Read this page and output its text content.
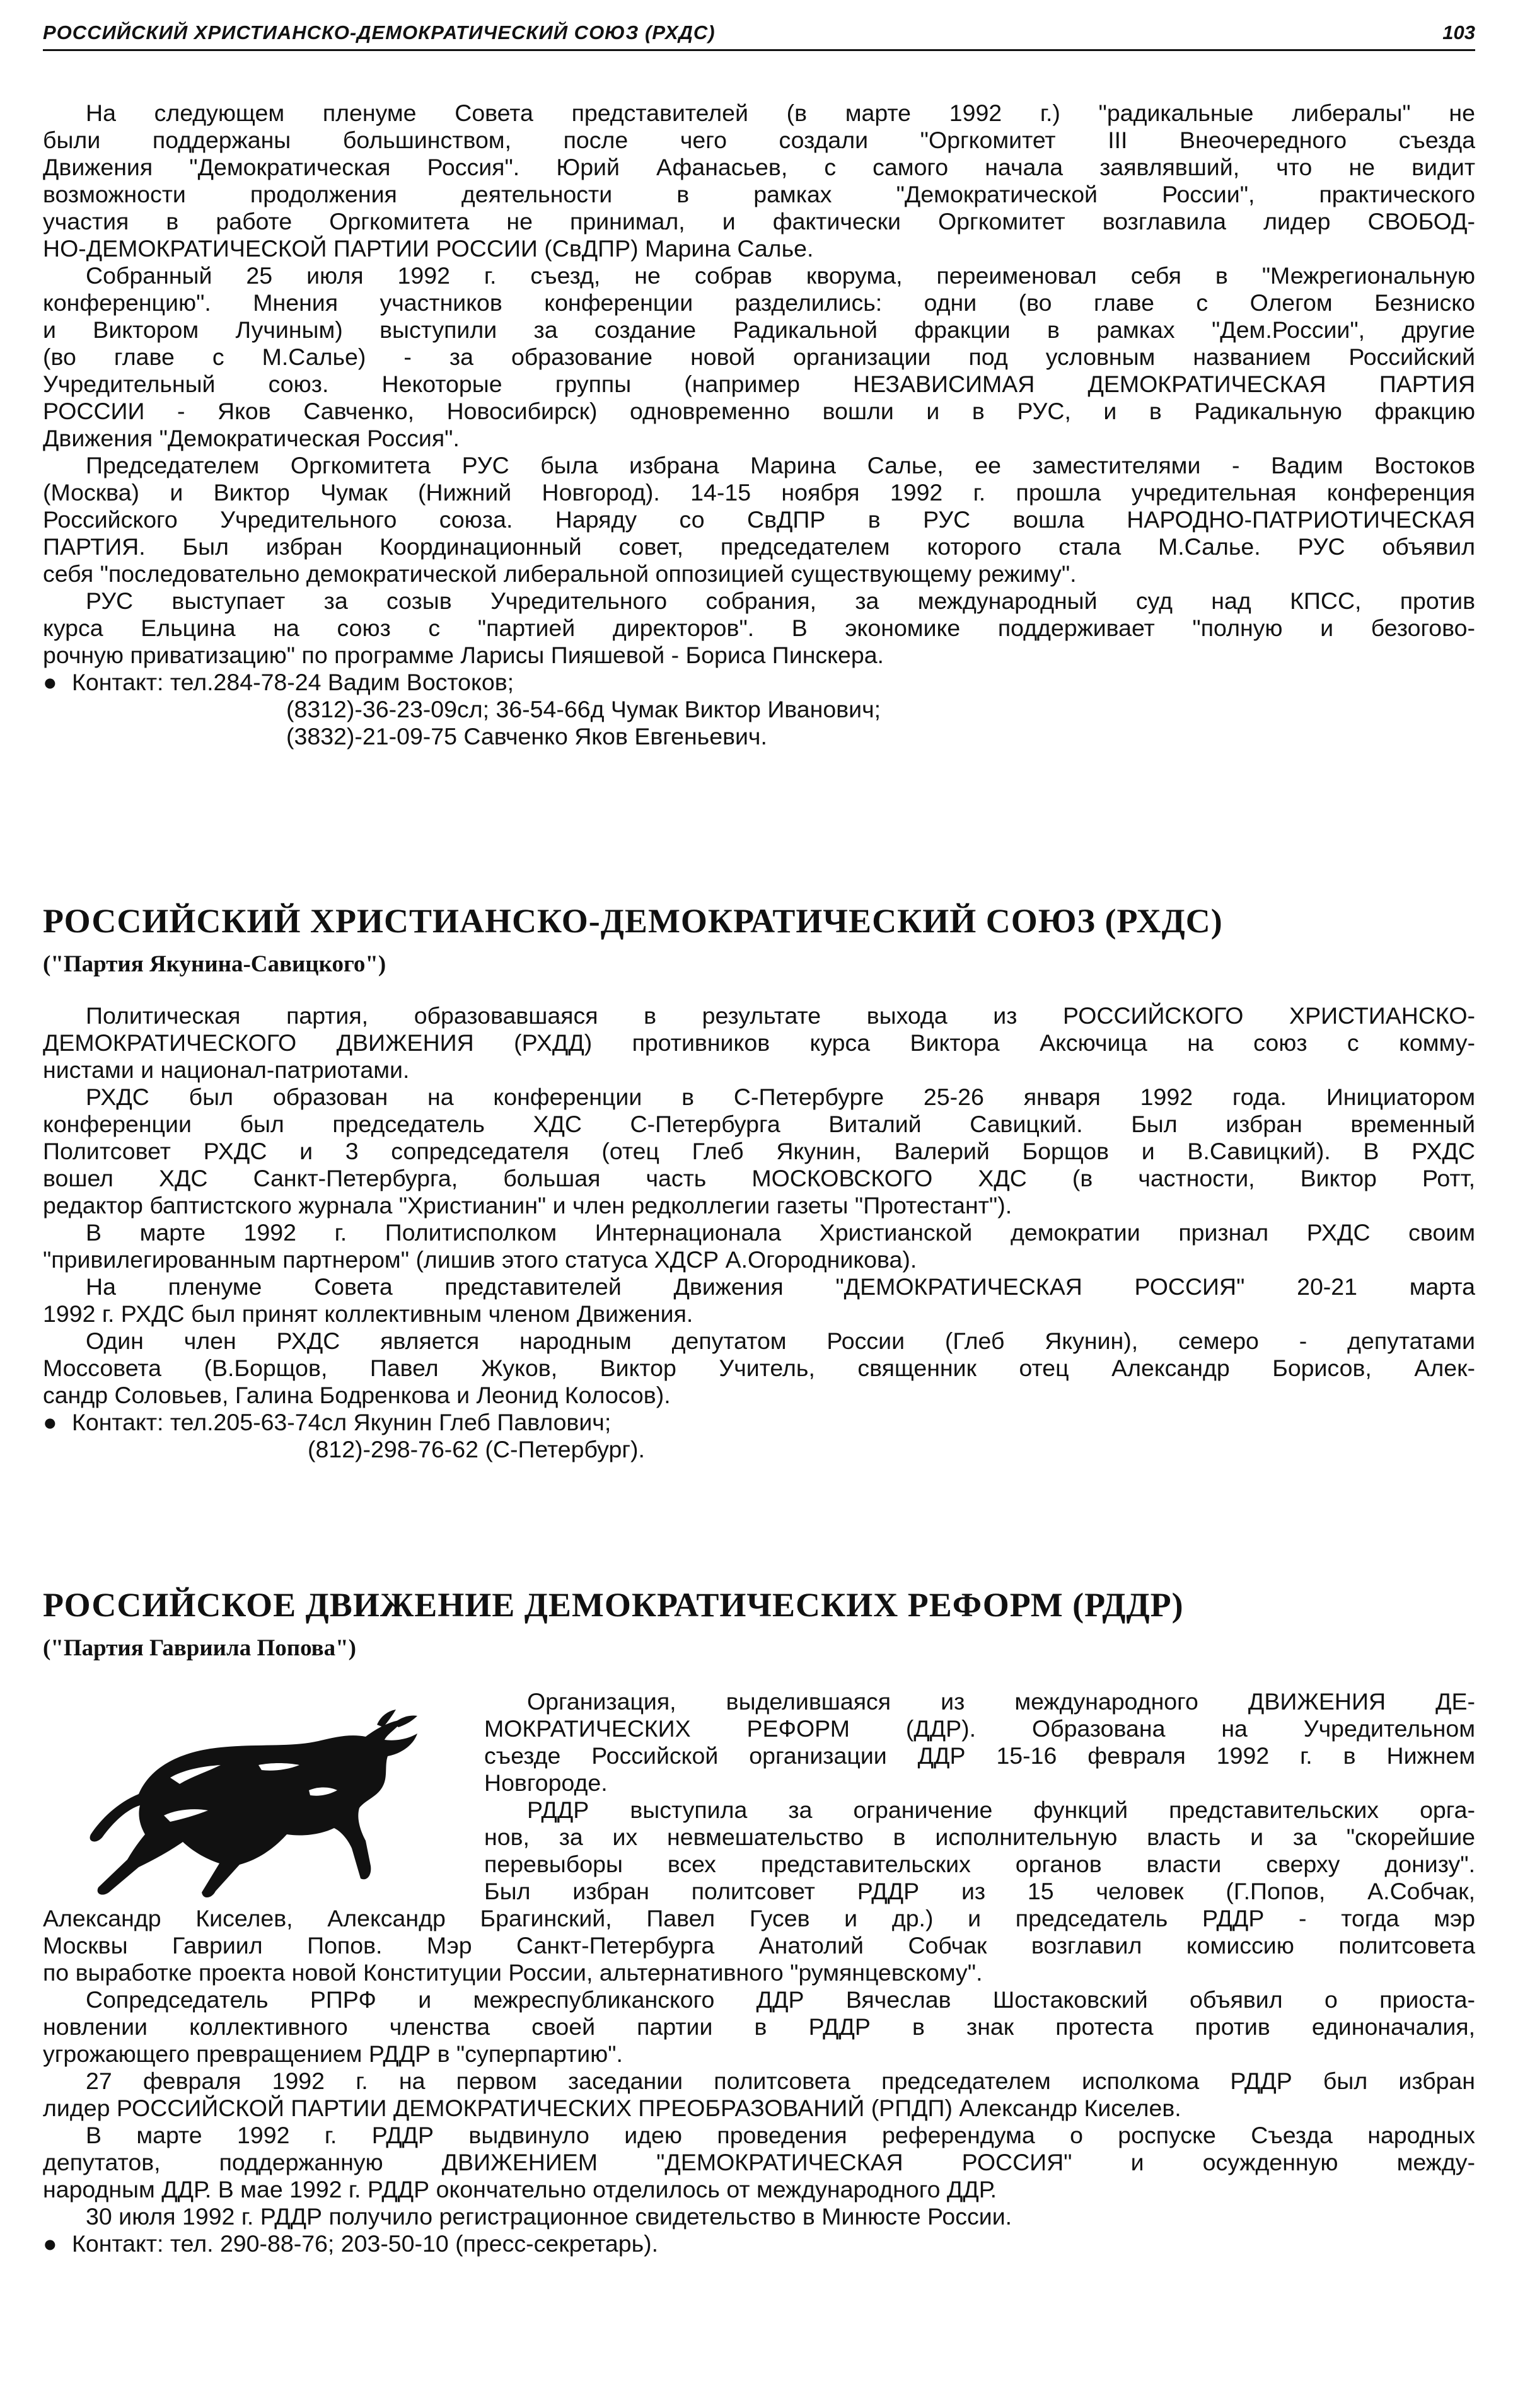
РОССИЙСКИЙ ХРИСТИАНСКО-ДЕМОКРАТИЧЕСКИЙ СОЮЗ (РХДС)	103
На следующем пленуме Совета представителей (в марте 1992 г.) "радикальные либералы" не
были поддержаны большинством, после чего создали "Оргкомитет III Внеочередного съезда
Движения "Демократическая Россия". Юрий Афанасьев, с самого начала заявлявший, что не видит
возможности продолжения деятельности в рамках "Демократической России", практического
участия в работе Оргкомитета не принимал, и фактически Оргкомитет возглавила лидер СВОБОД-
НО-ДЕМОКРАТИЧЕСКОЙ ПАРТИИ РОССИИ (СвДПР) Марина Салье.
Собранный 25 июля 1992 г. съезд, не собрав кворума, переименовал себя в "Межрегиональную
конференцию". Мнения участников конференции разделились: одни (во главе с Олегом Безниско
и Виктором Лучиным) выступили за создание Радикальной фракции в рамках "Дем.России", другие
(во главе с М.Салье) - за образование новой организации под условным названием Российский
Учредительный союз. Некоторые группы (например НЕЗАВИСИМАЯ ДЕМОКРАТИЧЕСКАЯ ПАРТИЯ
РОССИИ - Яков Савченко, Новосибирск) одновременно вошли и в РУС, и в Радикальную фракцию
Движения "Демократическая Россия".
Председателем Оргкомитета РУС была избрана Марина Салье, ее заместителями - Вадим Востоков
(Москва) и Виктор Чумак (Нижний Новгород). 14-15 ноября 1992 г. прошла учредительная конференция
Российского Учредительного союза. Наряду со СвДПР в РУС вошла НАРОДНО-ПАТРИОТИЧЕСКАЯ
ПАРТИЯ. Был избран Координационный совет, председателем которого стала М.Салье. РУС объявил
себя "последовательно демократической либеральной оппозицией существующему режиму".
РУС выступает за созыв Учредительного собрания, за международный суд над КПСС, против
курса Ельцина на союз с "партией директоров". В экономике поддерживает "полную и безогово-
рочную приватизацию" по программе Ларисы Пияшевой - Бориса Пинскера.
● Контакт: тел.284-78-24 Вадим Востоков;
(8312)-36-23-09сл; 36-54-66д Чумак Виктор Иванович;
(3832)-21-09-75 Савченко Яков Евгеньевич.
РОССИЙСКИЙ ХРИСТИАНСКО-ДЕМОКРАТИЧЕСКИЙ СОЮЗ (РХДС)
("Партия Якунина-Савицкого")
Политическая партия, образовавшаяся в результате выхода из РОССИЙСКОГО ХРИСТИАНСКО-
ДЕМОКРАТИЧЕСКОГО ДВИЖЕНИЯ (РХДД) противников курса Виктора Аксючица на союз с комму-
нистами и национал-патриотами.
РХДС был образован на конференции в С-Петербурге 25-26 января 1992 года. Инициатором
конференции был председатель ХДС С-Петербурга Виталий Савицкий. Был избран временный
Политсовет РХДС и 3 сопредседателя (отец Глеб Якунин, Валерий Борщов и В.Савицкий). В РХДС
вошел ХДС Санкт-Петербурга, большая часть МОСКОВСКОГО ХДС (в частности, Виктор Ротт,
редактор баптистского журнала "Христианин" и член редколлегии газеты "Протестант").
В марте 1992 г. Политисполком Интернационала Христианской демократии признал РХДС своим
"привилегированным партнером" (лишив этого статуса ХДСР А.Огородникова).
На пленуме Совета представителей Движения "ДЕМОКРАТИЧЕСКАЯ РОССИЯ" 20-21 марта
1992 г. РХДС был принят коллективным членом Движения.
Один член РХДС является народным депутатом России (Глеб Якунин), семеро - депутатами
Моссовета (В.Борщов, Павел Жуков, Виктор Учитель, священник отец Александр Борисов, Алек-
сандр Соловьев, Галина Бодренкова и Леонид Колосов).
● Контакт: тел.205-63-74сл Якунин Глеб Павлович;
(812)-298-76-62 (С-Петербург).
РОССИЙСКОЕ ДВИЖЕНИЕ ДЕМОКРАТИЧЕСКИХ РЕФОРМ (РДДР)
("Партия Гавриила Попова")
Организация, выделившаяся из международного ДВИЖЕНИЯ ДЕ-
МОКРАТИЧЕСКИХ РЕФОРМ (ДДР). Образована на Учредительном
съезде Российской организации ДДР 15-16 февраля 1992 г. в Нижнем
Новгороде.
РДДР выступила за ограничение функций представительских орга-
нов, за их невмешательство в исполнительную власть и за "скорейшие
перевыборы всех представительских органов власти сверху донизу".
Был избран политсовет РДДР из 15 человек (Г.Попов, А.Собчак,
Александр Киселев, Александр Брагинский, Павел Гусев и др.) и председатель РДДР - тогда мэр
Москвы Гавриил Попов. Мэр Санкт-Петербурга Анатолий Собчак возглавил комиссию политсовета
по выработке проекта новой Конституции России, альтернативного "румянцевскому".
Сопредседатель РПРФ и межреспубликанского ДДР Вячеслав Шостаковский объявил о приоста-
новлении коллективного членства своей партии в РДДР в знак протеста против единоначалия,
угрожающего превращением РДДР в "суперпартию".
27 февраля 1992 г. на первом заседании политсовета председателем исполкома РДДР был избран
лидер РОССИЙСКОЙ ПАРТИИ ДЕМОКРАТИЧЕСКИХ ПРЕОБРАЗОВАНИЙ (РПДП) Александр Киселев.
В марте 1992 г. РДДР выдвинуло идею проведения референдума о роспуске Съезда народных
депутатов, поддержанную ДВИЖЕНИЕМ "ДЕМОКРАТИЧЕСКАЯ РОССИЯ" и осужденную между-
народным ДДР. В мае 1992 г. РДДР окончательно отделилось от международного ДДР.
30 июля 1992 г. РДДР получило регистрационное свидетельство в Минюсте России.
● Контакт: тел. 290-88-76; 203-50-10 (пресс-секретарь).
